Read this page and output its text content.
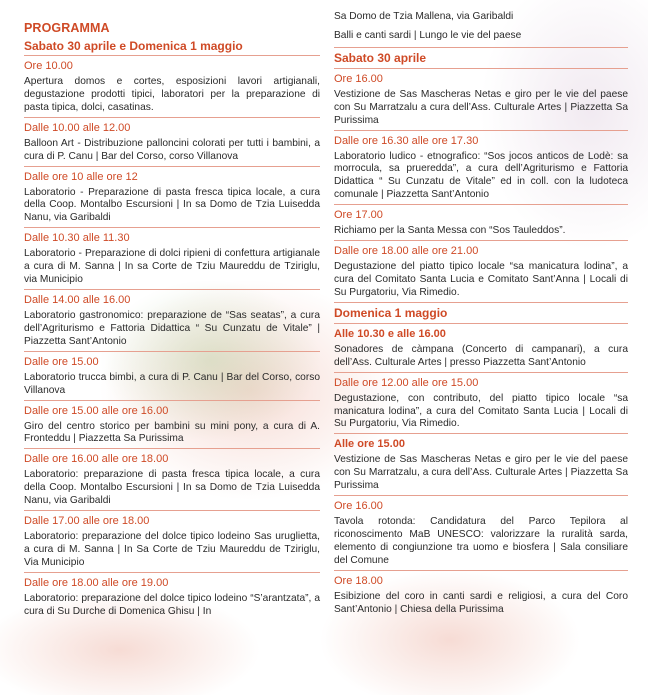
PROGRAMMA
Sabato 30 aprile e Domenica 1 maggio
Ore 10.00
Apertura domos e cortes, esposizioni lavori artigianali, degustazione prodotti tipici, laboratori per la preparazione di pasta tipica, dolci, casatinas.
Dalle 10.00 alle 12.00
Balloon Art - Distribuzione palloncini colorati per tutti i bambini, a cura di P. Canu | Bar del Corso, corso Villanova
Dalle ore 10 alle ore 12
Laboratorio - Preparazione di pasta fresca tipica locale, a cura della Coop. Montalbo Escursioni | In sa Domo de Tzia Luisedda Nanu, via Garibaldi
Dalle 10.30 alle 11.30
Laboratorio - Preparazione di dolci ripieni di confettura artigianale a cura di M. Sanna | In sa Corte de Tziu Maureddu de Tziriglu, via Municipio
Dalle 14.00 alle 16.00
Laboratorio gastronomico: preparazione de “Sas seatas”, a cura dell’Agriturismo e Fattoria Didattica “ Su Cunzatu de Vitale” | Piazzetta Sant’Antonio
Dalle ore 15.00
Laboratorio trucca bimbi, a cura di P. Canu | Bar del Corso, corso Villanova
Dalle ore 15.00 alle ore 16.00
Giro del centro storico per bambini su mini pony, a cura di A. Fronteddu | Piazzetta Sa Purissima
Dalle ore 16.00 alle ore 18.00
Laboratorio: preparazione di pasta fresca tipica locale, a cura della Coop. Montalbo Escursioni | In sa Domo de Tzia Luisedda Nanu, via Garibaldi
Dalle 17.00 alle ore 18.00
Laboratorio: preparazione del dolce tipico lodeino Sas uruglietta, a cura di M. Sanna | In Sa Corte de Tziu Maureddu de Tziriglu, Via Municipio
Dalle ore 18.00 alle ore 19.00
Laboratorio: preparazione del dolce tipico lodeino “S’arantzata”, a cura di Su Durche di Domenica Ghisu | In
Sa Domo de Tzia Mallena, via Garibaldi
Balli e canti sardi | Lungo le vie del paese
Sabato 30 aprile
Ore 16.00
Vestizione de Sas Mascheras Netas e giro per le vie del paese con Su Marratzalu a cura dell’Ass. Culturale Artes | Piazzetta Sa Purissima
Dalle ore 16.30 alle ore 17.30
Laboratorio ludico - etnografico: “Sos jocos anticos de Lodè: sa morrocula, sa prueredda”, a cura dell’Agriturismo e Fattoria Didattica “ Su Cunzatu de Vitale” ed in coll. con la ludoteca comunale | Piazzetta Sant’Antonio
Ore 17.00
Richiamo per la Santa Messa con “Sos Tauleddos”.
Dalle ore 18.00 alle ore 21.00
Degustazione del piatto tipico locale “sa manicatura lodina”, a cura del Comitato Santa Lucia e Comitato Sant’Anna | Locali di Su Purgatoriu, Via Rimedio.
Domenica 1 maggio
Alle 10.30 e alle 16.00
Sonadores de càmpana (Concerto di campanari), a cura dell’Ass. Culturale Artes | presso Piazzetta Sant’Antonio
Dalle ore 12.00 alle ore 15.00
Degustazione, con contributo, del piatto tipico locale “sa manicatura lodina”, a cura del Comitato Santa Lucia | Locali di Su Purgatoriu, Via Rimedio.
Alle ore 15.00
Vestizione de Sas Mascheras Netas e giro per le vie del paese con Su Marratzalu, a cura dell’Ass. Culturale Artes | Piazzetta Sa Purissima
Ore 16.00
Tavola rotonda: Candidatura del Parco Tepilora al riconoscimento MaB UNESCO: valorizzare la ruralità sarda, elemento di congiunzione tra uomo e biosfera | Sala consiliare del Comune
Ore 18.00
Esibizione del coro in canti sardi e religiosi, a cura del Coro Sant’Antonio | Chiesa della Purissima
